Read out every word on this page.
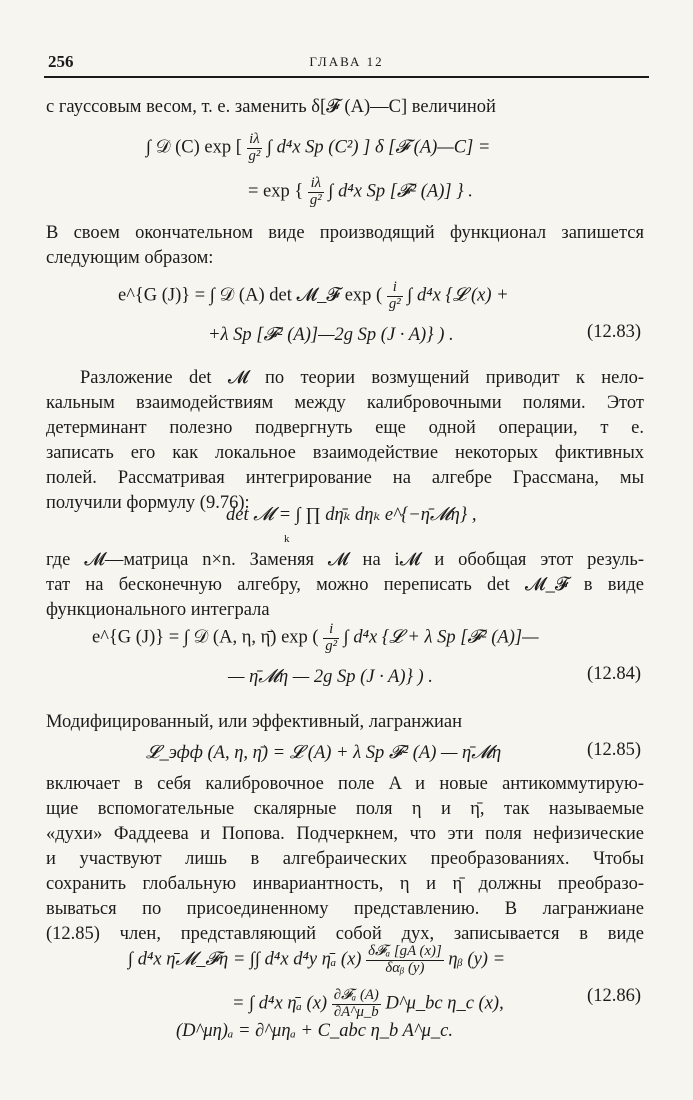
256	ГЛАВА 12
с гауссовым весом, т. е. заменить δ[𝓕 (A)—C] величиной
∫ 𝒟 (C) exp [ $\frac{i\lambda}{\text{g²}}$ ∫ d⁴x Sp (C²) ] δ [𝓕 (A)—C] =
= exp { $\frac{i\lambda}{\text{g²}}$ ∫ d⁴x Sp [𝓕² (A)] } .
В своем окончательном виде производящий функционал запишется
следующим образом:
e^{G (J)} = ∫ 𝒟 (A) det 𝓜_𝓕 exp ( $\frac{i}{\text{g²}}$ ∫ d⁴x {𝓛 (x) +
+λ Sp [𝓕² (A)]—2g Sp (J · A)} ) .	(12.83)
Разложение det 𝓜 по теории возмущений приводит к нело-
кальным взаимодействиям между калибровочными полями. Этот
детерминант полезно подвергнуть еще одной операции, т е.
записать его как локальное взаимодействие некоторых фиктивных
полей. Рассматривая интегрирование на алгебре Грассмана, мы
получили формулу (9.76):
det 𝓜 = ∫ ∏ dη̄ₖ dηₖ e^{−η̄𝓜η} ,
k
где 𝓜—матрица n×n. Заменяя 𝓜 на i𝓜 и обобщая этот резуль-
тат на бесконечную алгебру, можно переписать det 𝓜_𝓕 в виде
функционального интеграла
e^{G (J)} = ∫ 𝒟 (A, η, η̄) exp ( $\frac{i}{\text{g²}}$ ∫ d⁴x {𝓛 + λ Sp [𝓕² (A)]—
— η̄𝓜η — 2g Sp (J · A)} ) .	(12.84)
Модифицированный, или эффективный, лагранжиан
𝓛_эфф (A, η, η̄) = 𝓛 (A) + λ Sp 𝓕² (A) — η̄𝓜η	(12.85)
включает в себя калибровочное поле A и новые антикоммутирую-
щие вспомогательные скалярные поля η и η̄, так называемые
«духи» Фаддеева и Попова. Подчеркнем, что эти поля нефизические
и участвуют лишь в алгебраических преобразованиях. Чтобы
сохранить глобальную инвариантность, η и η̄ должны преобразо-
вываться по присоединенному представлению. В лагранжиане
(12.85) член, представляющий собой дух, записывается в виде
∫ d⁴x η̄𝓜_𝓕η = ∫∫ d⁴x d⁴y η̄ₐ $(x) \frac{\text{δ𝓕ₐ [gA (x)]}}{\text{δαᵦ (y)}}$ ηᵦ (y) =
= ∫ d⁴x η̄ₐ $(x) \frac{\text{∂𝓕ₐ (A)}}{\partial A\^{}\mu\_b}$ D^μ_bc η_c (x),	(12.86)
(D^μη)ₐ = ∂^μηₐ + C_abc η_b A^μ_c.
